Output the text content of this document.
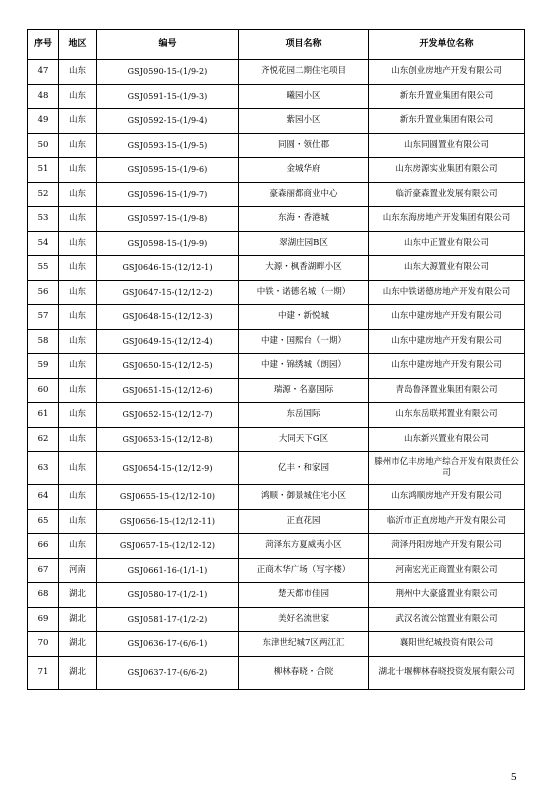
序号	地区	编号	项目名称	开发单位名称
47	山东	GSJ0590-15-(1/9-2)	齐悦花园二期住宅项目	山东创业房地产开发有限公司
48	山东	GSJ0591-15-(1/9-3)	曦园小区	新东升置业集团有限公司
49	山东	GSJ0592-15-(1/9-4)	紫园小区	新东升置业集团有限公司
50	山东	GSJ0593-15-(1/9-5)	同圆・领仕郡	山东同圆置业有限公司
51	山东	GSJ0595-15-(1/9-6)	金城华府	山东房源实业集团有限公司
52	山东	GSJ0596-15-(1/9-7)	豪森丽都商业中心	临沂豪森置业发展有限公司
53	山东	GSJ0597-15-(1/9-8)	东海・香港城	山东东海房地产开发集团有限公司
54	山东	GSJ0598-15-(1/9-9)	翠湖庄园B区	山东中正置业有限公司
55	山东	GSJ0646-15-(12/12-1)	大源・枫香湖畔小区	山东大源置业有限公司
56	山东	GSJ0647-15-(12/12-2)	中铁・诺德名城（一期）	山东中铁诺德房地产开发有限公司
57	山东	GSJ0648-15-(12/12-3)	中建・新悦城	山东中建房地产开发有限公司
58	山东	GSJ0649-15-(12/12-4)	中建・国熙台（一期）	山东中建房地产开发有限公司
59	山东	GSJ0650-15-(12/12-5)	中建・锦绣城（朗园）	山东中建房地产开发有限公司
60	山东	GSJ0651-15-(12/12-6)	瑞源・名嘉国际	青岛鲁泽置业集团有限公司
61	山东	GSJ0652-15-(12/12-7)	东岳国际	山东东岳联邦置业有限公司
62	山东	GSJ0653-15-(12/12-8)	大同天下G区	山东新兴置业有限公司
63	山东	GSJ0654-15-(12/12-9)	亿丰・和家园	滕州市亿丰房地产综合开发有限责任公司
64	山东	GSJ0655-15-(12/12-10)	鸿顺・御景城住宅小区	山东鸿顺房地产开发有限公司
65	山东	GSJ0656-15-(12/12-11)	正直花园	临沂市正直房地产开发有限公司
66	山东	GSJ0657-15-(12/12-12)	菏泽东方夏威夷小区	菏泽丹阳房地产开发有限公司
67	河南	GSJ0661-16-(1/1-1)	正商木华广场（写字楼）	河南宏光正商置业有限公司
68	湖北	GSJ0580-17-(1/2-1)	楚天都市佳园	荆州中大豪盛置业有限公司
69	湖北	GSJ0581-17-(1/2-2)	美好名流世家	武汉名流公馆置业有限公司
70	湖北	GSJ0636-17-(6/6-1)	东津世纪城7区两江汇	襄阳世纪城投资有限公司
71	湖北	GSJ0637-17-(6/6-2)	柳林春晓・合院	湖北十堰柳林春晓投资发展有限公司
5
